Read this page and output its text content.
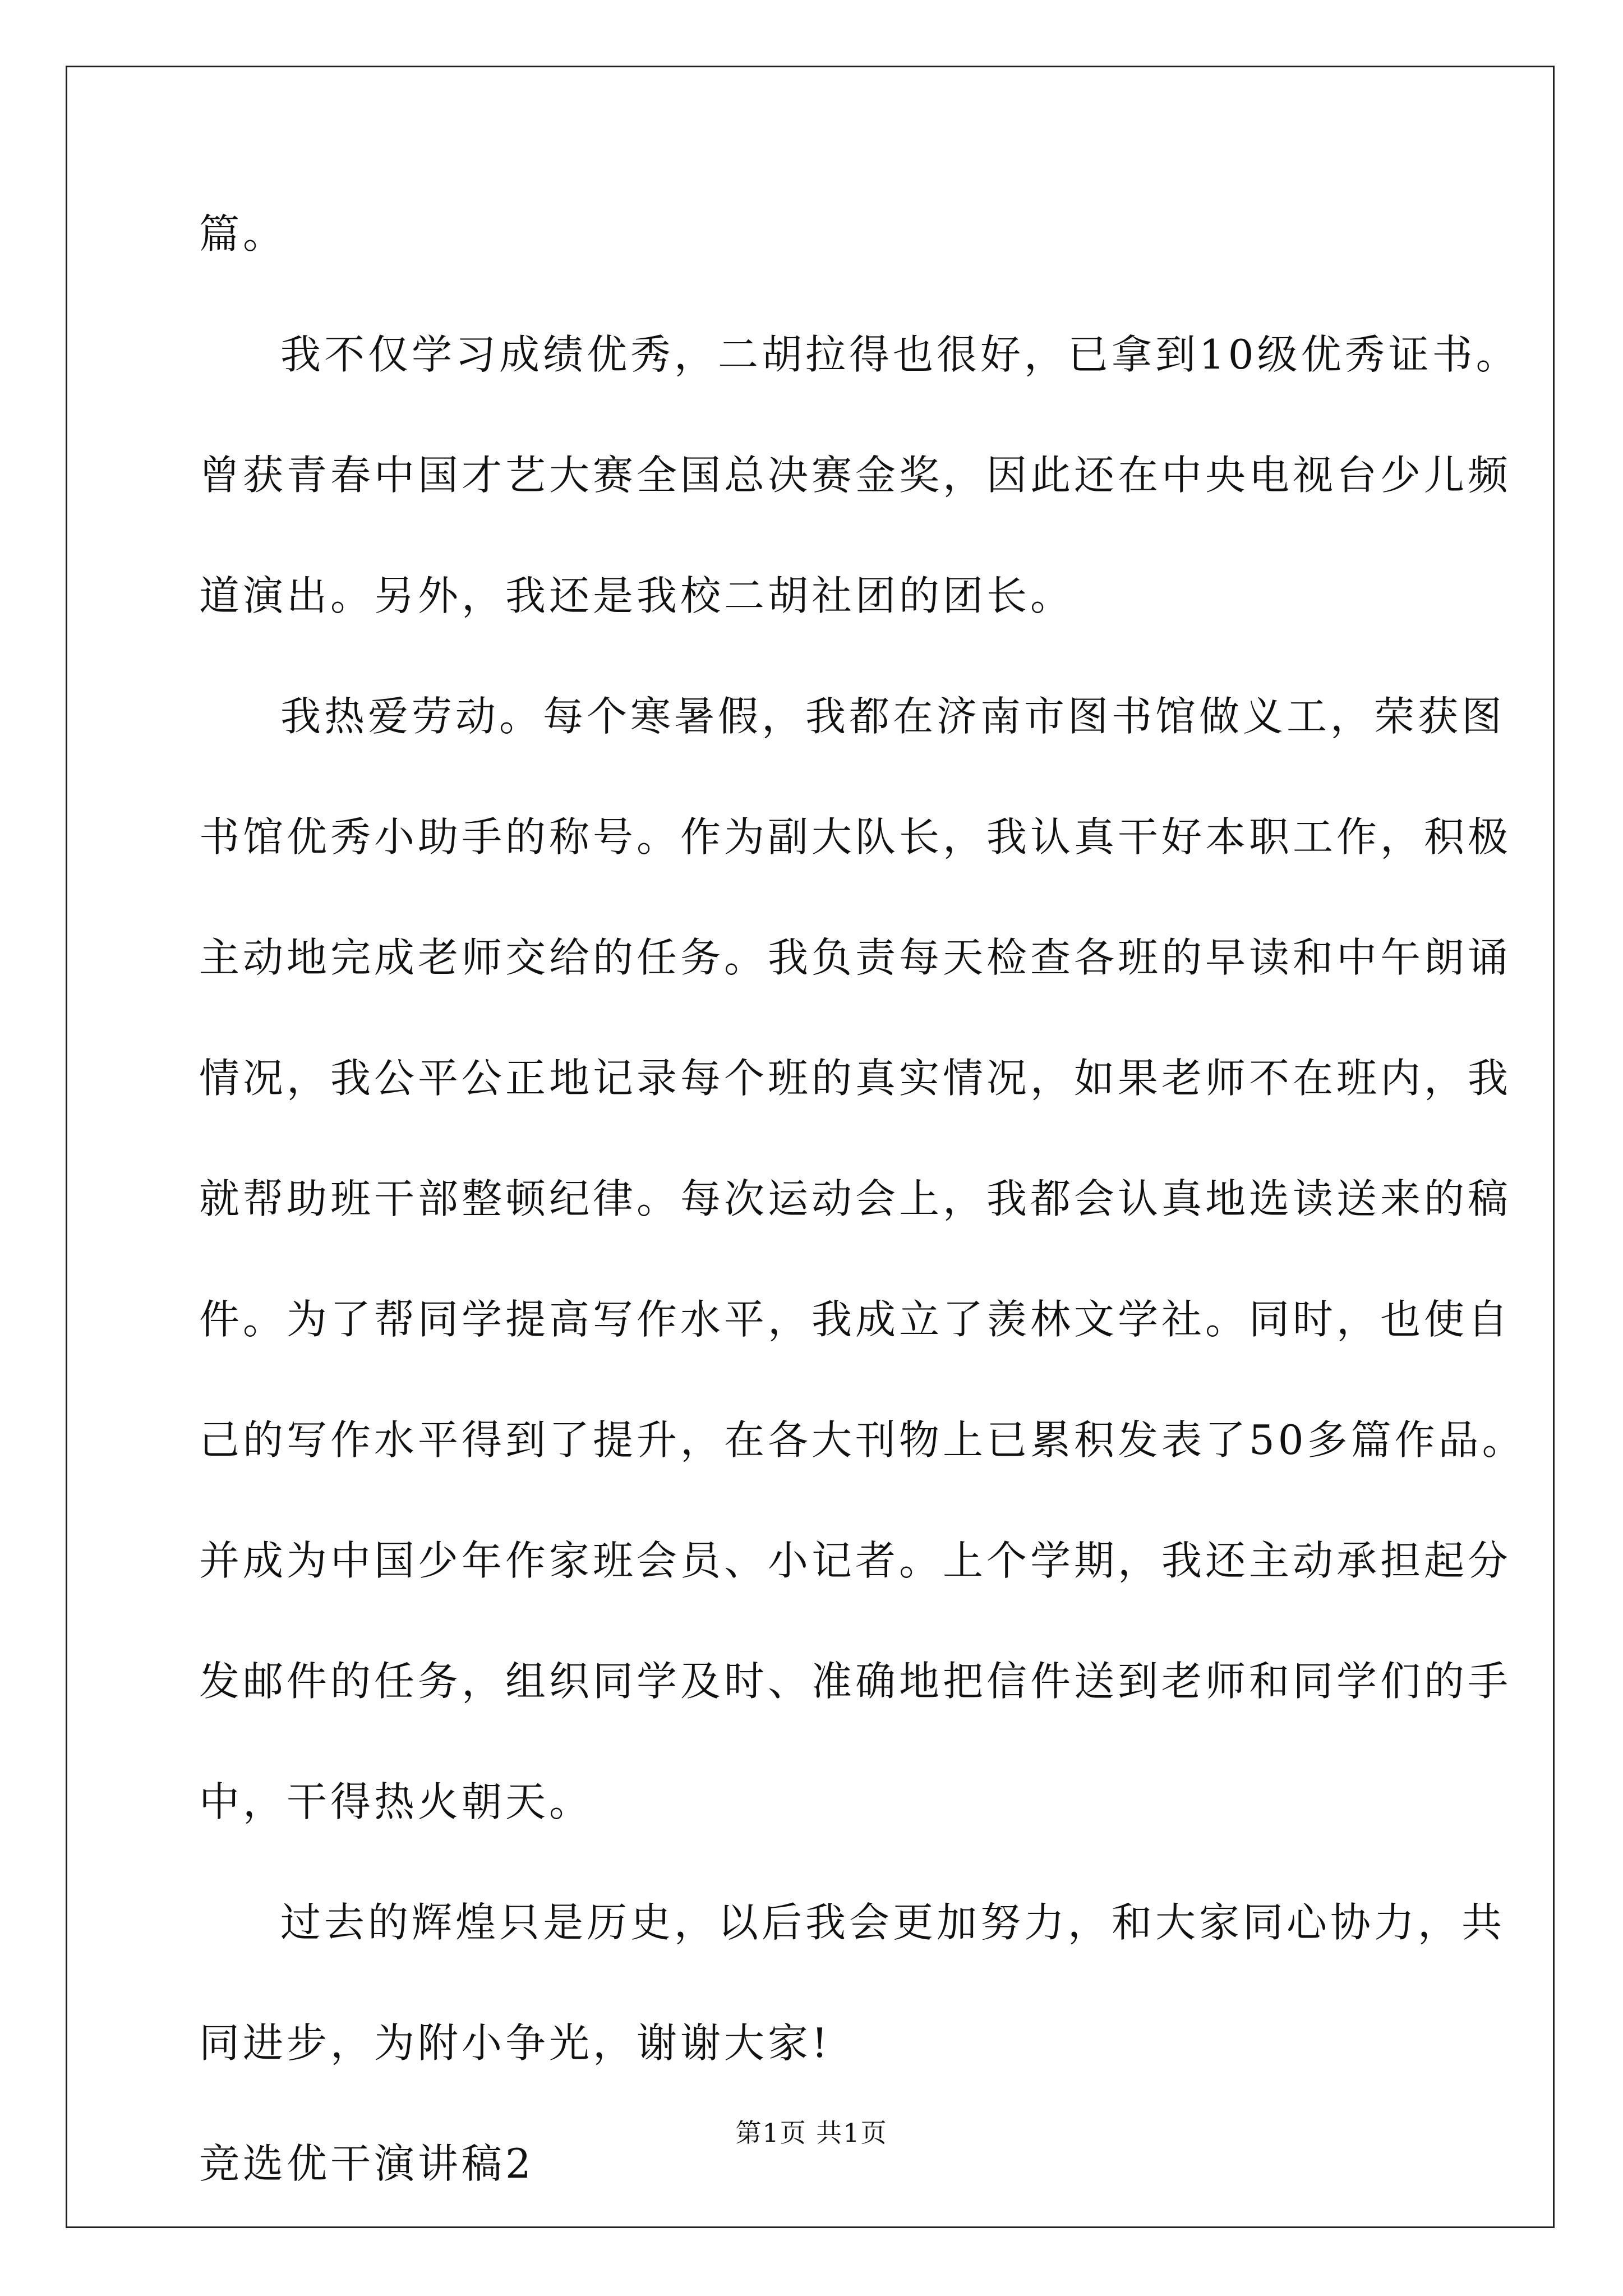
篇。
我不仅学习成绩优秀，二胡拉得也很好，已拿到10级优秀证书。
曾获青春中国才艺大赛全国总决赛金奖，因此还在中央电视台少儿频
道演出。另外，我还是我校二胡社团的团长。
我热爱劳动。每个寒暑假，我都在济南市图书馆做义工，荣获图
书馆优秀小助手的称号。作为副大队长，我认真干好本职工作，积极
主动地完成老师交给的任务。我负责每天检查各班的早读和中午朗诵
情况，我公平公正地记录每个班的真实情况，如果老师不在班内，我
就帮助班干部整顿纪律。每次运动会上，我都会认真地选读送来的稿
件。为了帮同学提高写作水平，我成立了羡林文学社。同时，也使自
己的写作水平得到了提升，在各大刊物上已累积发表了50多篇作品。
并成为中国少年作家班会员、小记者。上个学期，我还主动承担起分
发邮件的任务，组织同学及时、准确地把信件送到老师和同学们的手
中，干得热火朝天。
过去的辉煌只是历史，以后我会更加努力，和大家同心协力，共
同进步，为附小争光，谢谢大家!
竞选优干演讲稿2
第1页 共1页
